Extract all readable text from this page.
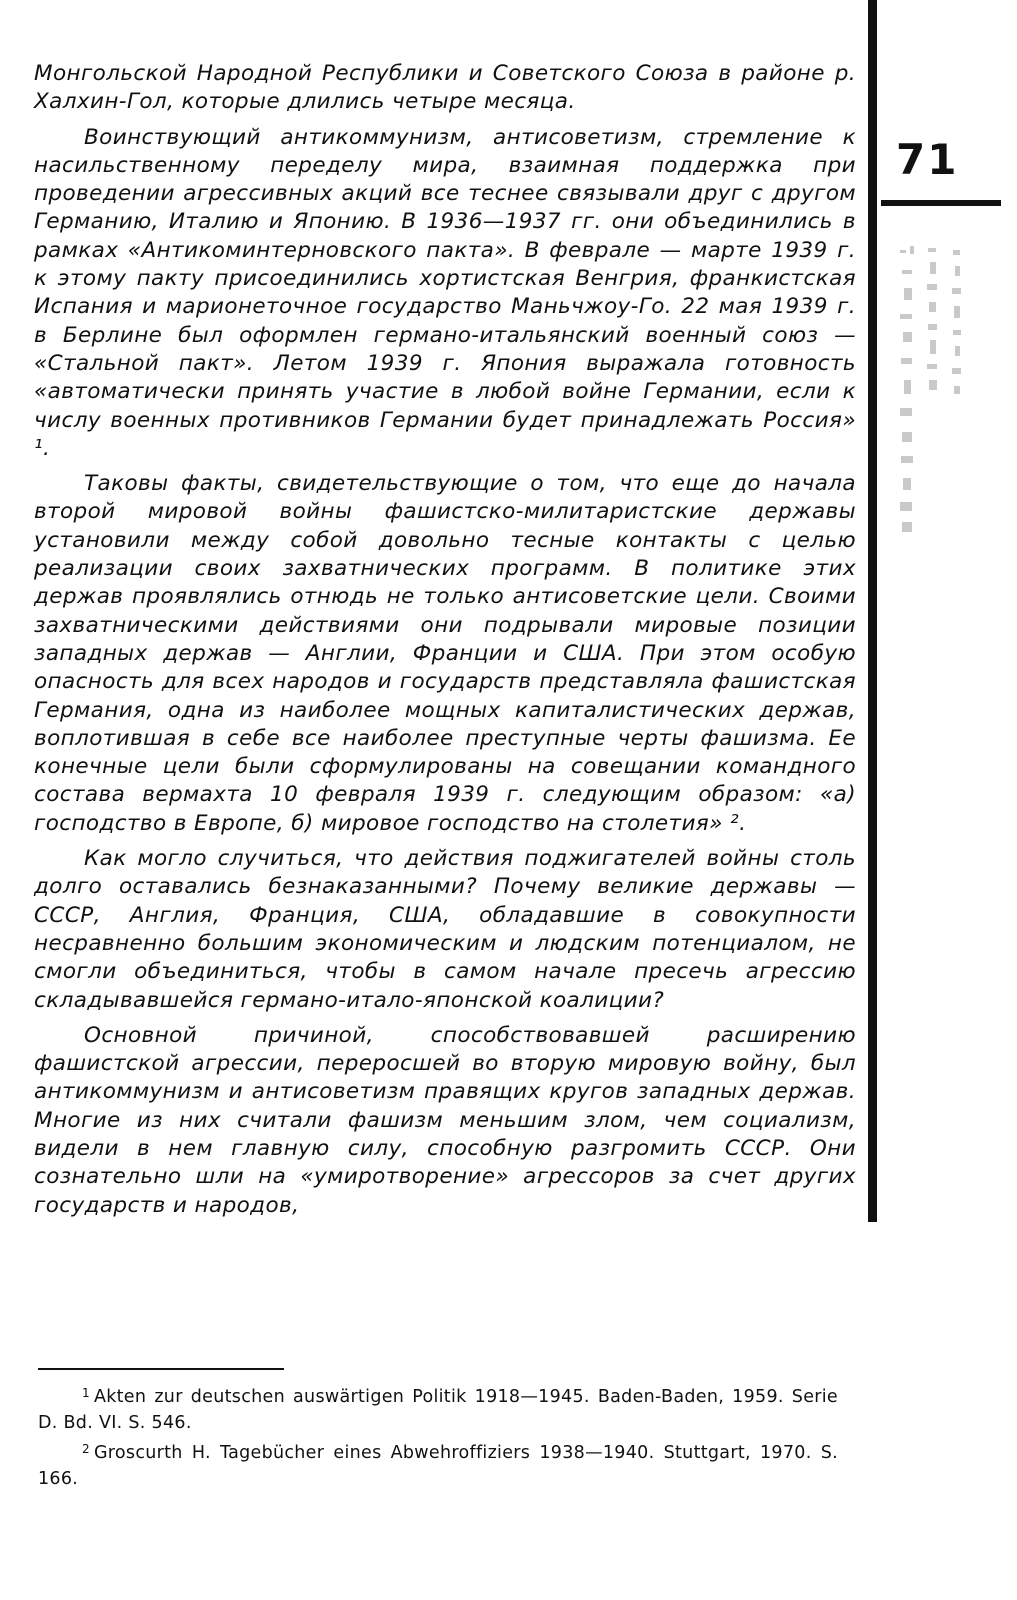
Монгольской Народной Республики и Советского Союза в районе р. Халхин-Гол, которые длились четыре месяца.

Воинствующий антикоммунизм, антисоветизм, стремление к насильственному переделу мира, взаимная поддержка при проведении агрессивных акций все теснее связывали друг с другом Германию, Италию и Японию. В 1936—1937 гг. они объединились в рамках «Антикоминтерновского пакта». В феврале — марте 1939 г. к этому пакту присоединились хортистская Венгрия, франкистская Испания и марионеточное государство Маньчжоу-Го. 22 мая 1939 г. в Берлине был оформлен германо-итальянский военный союз — «Стальной пакт». Летом 1939 г. Япония выражала готовность «автоматически принять участие в любой войне Германии, если к числу военных противников Германии будет принадлежать Россия» ¹.

Таковы факты, свидетельствующие о том, что еще до начала второй мировой войны фашистско-милитаристские державы установили между собой довольно тесные контакты с целью реализации своих захватнических программ. В политике этих держав проявлялись отнюдь не только антисоветские цели. Своими захватническими действиями они подрывали мировые позиции западных держав — Англии, Франции и США. При этом особую опасность для всех народов и государств представляла фашистская Германия, одна из наиболее мощных капиталистических держав, воплотившая в себе все наиболее преступные черты фашизма. Ее конечные цели были сформулированы на совещании командного состава вермахта 10 февраля 1939 г. следующим образом: «а) господство в Европе, б) мировое господство на столетия» ².

Как могло случиться, что действия поджигателей войны столь долго оставались безнаказанными? Почему великие державы — СССР, Англия, Франция, США, обладавшие в совокупности несравненно большим экономическим и людским потенциалом, не смогли объединиться, чтобы в самом начале пресечь агрессию складывавшейся германо-итало-японской коалиции?

Основной причиной, способствовавшей расширению фашистской агрессии, переросшей во вторую мировую войну, был антикоммунизм и антисоветизм правящих кругов западных держав. Многие из них считали фашизм меньшим злом, чем социализм, видели в нем главную силу, способную разгромить СССР. Они сознательно шли на «умиротворение» агрессоров за счет других государств и народов,

71

$^1$ Akten zur deutschen auswärtigen Politik 1918—1945. Baden-Baden, 1959. Serie D. Bd. VI. S. 546.

$^2$ Groscurth H. Tagebücher eines Abwehroffiziers 1938—1940. Stuttgart, 1970. S. 166.
